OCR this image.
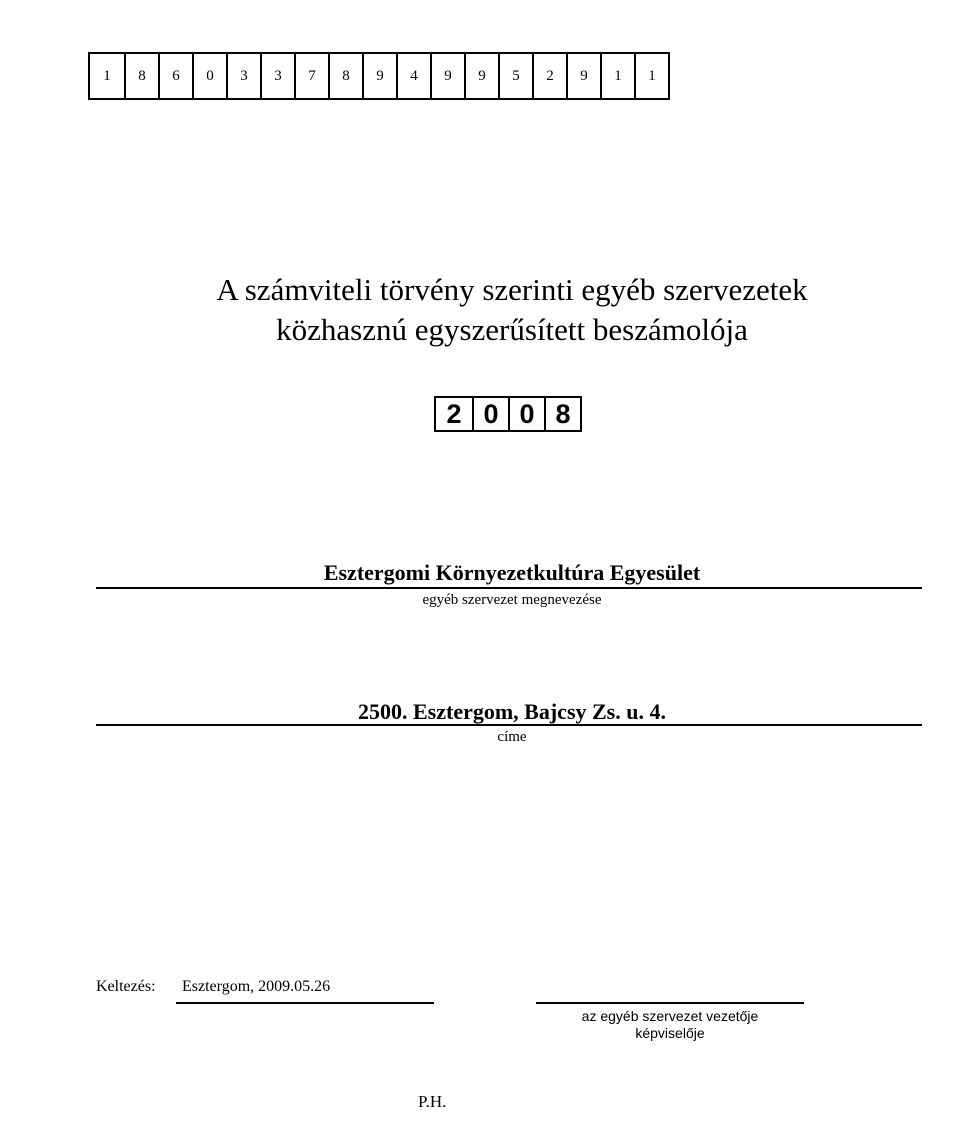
1	8	6	0	3	3	7	8	9	4	9	9	5	2	9	1	1
A számviteli törvény szerinti egyéb szervezetek
közhasznú egyszerűsített beszámolója
2 0 0 8
Esztergomi Környezetkultúra Egyesület
egyéb szervezet megnevezése
2500. Esztergom, Bajcsy Zs. u. 4.
címe
Keltezés: Esztergom, 2009.05.26
az egyéb szervezet vezetője
képviselője
P.H.
